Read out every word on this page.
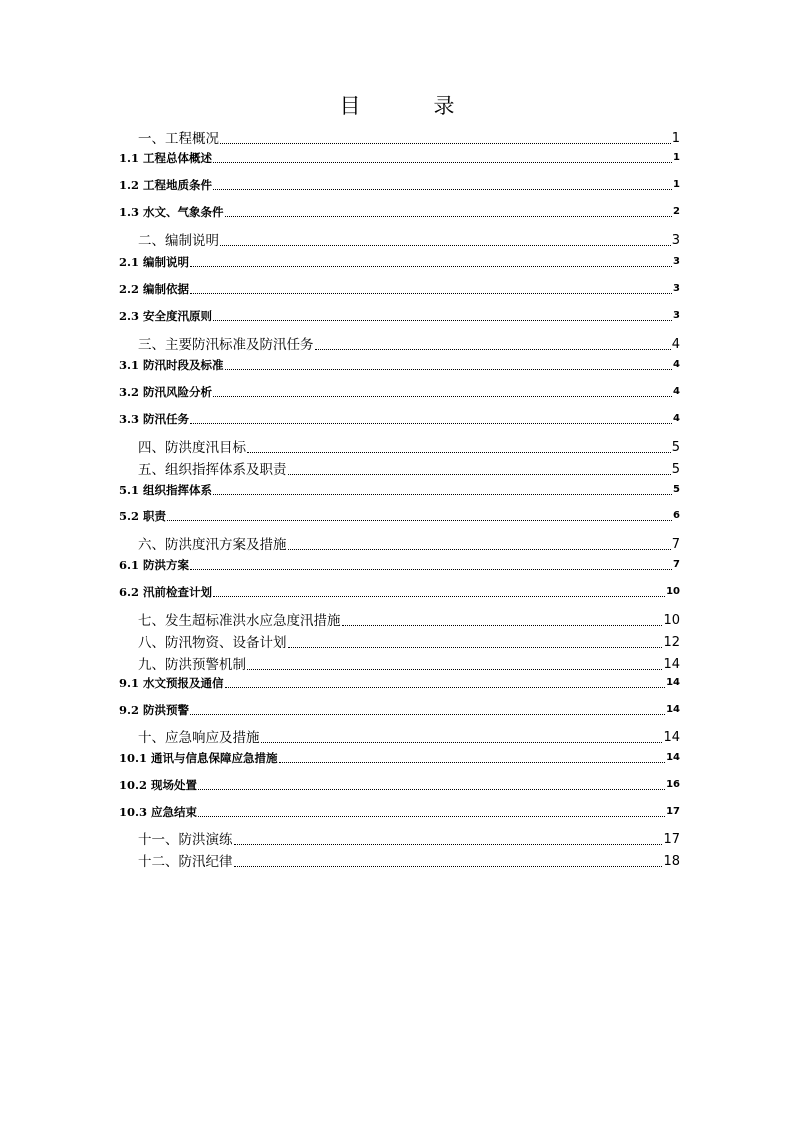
目　录
一、工程概况	1
1.1 工程总体概述	1
1.2 工程地质条件	1
1.3 水文、气象条件	2
二、编制说明	3
2.1 编制说明	3
2.2 编制依据	3
2.3 安全度汛原则	3
三、主要防汛标准及防汛任务	4
3.1 防汛时段及标准	4
3.2 防汛风险分析	4
3.3 防汛任务	4
四、防洪度汛目标	5
五、组织指挥体系及职责	5
5.1 组织指挥体系	5
5.2 职责	6
六、防洪度汛方案及措施	7
6.1 防洪方案	7
6.2 汛前检查计划	10
七、发生超标准洪水应急度汛措施	10
八、防汛物资、设备计划	12
九、防洪预警机制	14
9.1 水文预报及通信	14
9.2 防洪预警	14
十、应急响应及措施	14
10.1 通讯与信息保障应急措施	14
10.2 现场处置	16
10.3 应急结束	17
十一、防洪演练	17
十二、防汛纪律	18
